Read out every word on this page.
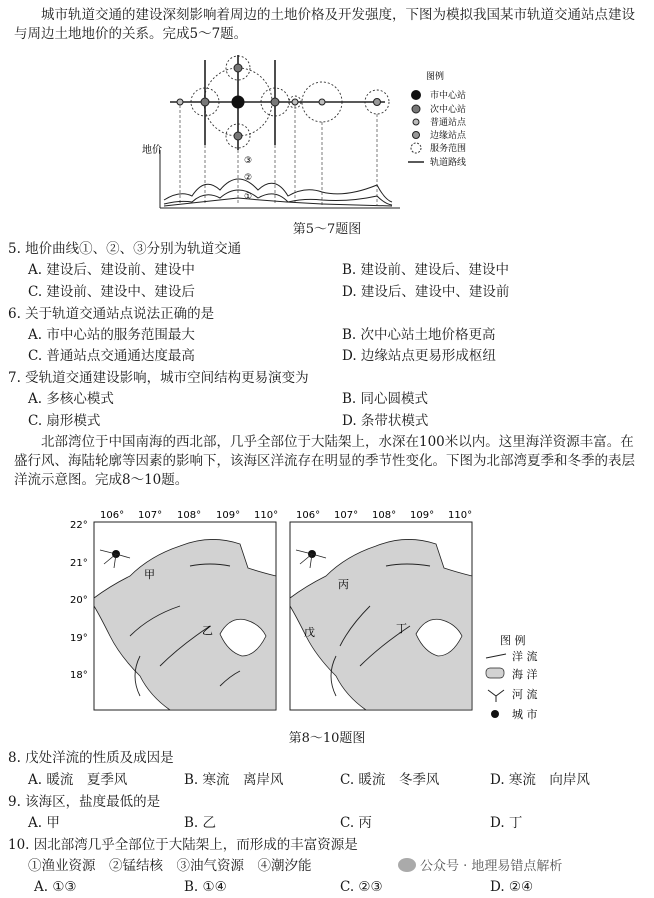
城市轨道交通的建设深刻影响着周边的土地价格及开发强度，下图为模拟我国某市轨道交通站点建设与周边土地地价的关系。完成5～7题。
地价
③
②
①
图例
市中心站
次中心站
普通站点
边缘站点
服务范围
轨道路线
第5～7题图
5. 地价曲线①、②、③分别为轨道交通
A. 建设后、建设前、建设中	B. 建设前、建设后、建设中
C. 建设前、建设中、建设后	D. 建设后、建设中、建设前
6. 关于轨道交通站点说法正确的是
A. 市中心站的服务范围最大	B. 次中心站土地价格更高
C. 普通站点交通通达度最高	D. 边缘站点更易形成枢纽
7. 受轨道交通建设影响，城市空间结构更易演变为
A. 多核心模式	B. 同心圆模式
C. 扇形模式	D. 条带状模式
北部湾位于中国南海的西北部，几乎全部位于大陆架上，水深在100米以内。这里海洋资源丰富。在盛行风、海陆轮廓等因素的影响下，该海区洋流存在明显的季节性变化。下图为北部湾夏季和冬季的表层洋流示意图。完成8～10题。
106° 107° 108° 109° 110°
22°
21°
20°
19°
18°
106° 107° 108° 109° 110°
甲
乙
丙
戊	丁
图 例
洋 流
海 洋
河 流
城 市
第8～10题图
8. 戊处洋流的性质及成因是
A. 暖流　夏季风	B. 寒流　离岸风	C. 暖流　冬季风	D. 寒流　向岸风
9. 该海区，盐度最低的是
A. 甲	B. 乙	C. 丙	D. 丁
10. 因北部湾几乎全部位于大陆架上，而形成的丰富资源是
①渔业资源　②锰结核　③油气资源　④潮汐能
A. ①③	B. ①④	C. ②③	D. ②④
公众号 · 地理易错点解析
